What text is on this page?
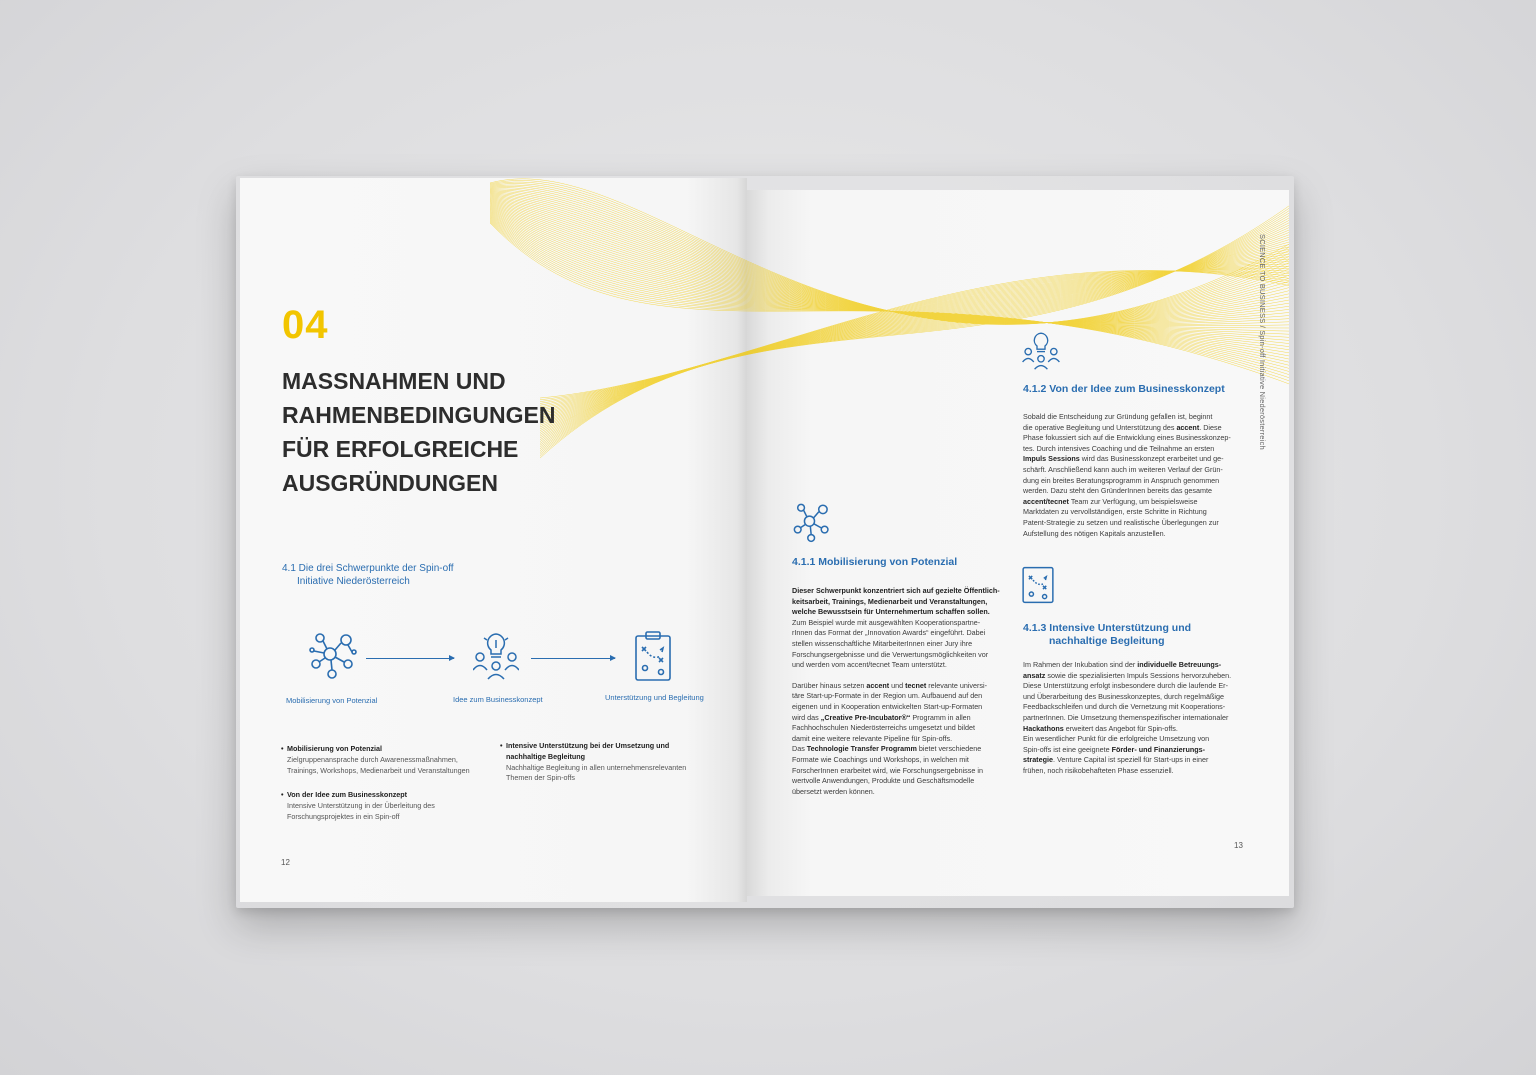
04
MASSNAHMEN UND
RAHMENBEDINGUNGEN
FÜR ERFOLGREICHE
AUSGRÜNDUNGEN
4.1 Die drei Schwerpunkte der Spin-off
Initiative Niederösterreich
Mobilisierung von Potenzial	Idee zum Businesskonzept	Unterstützung und Begleitung
• Mobilisierung von Potenzial
Zielgruppenansprache durch Awarenessmaßnahmen,
Trainings, Workshops, Medienarbeit und Veranstaltungen
• Von der Idee zum Businesskonzept
Intensive Unterstützung in der Überleitung des
Forschungsprojektes in ein Spin-off
• Intensive Unterstützung bei der Umsetzung und
nachhaltige Begleitung
Nachhaltige Begleitung in allen unternehmensrelevanten
Themen der Spin-offs
12
SCIENCE TO BUSINESS / Spin-off Initiative Niederösterreich
4.1.1 Mobilisierung von Potenzial

Dieser Schwerpunkt konzentriert sich auf gezielte Öffentlich-
keitsarbeit, Trainings, Medienarbeit und Veranstaltungen,
welche Bewusstsein für Unternehmertum schaffen sollen.
Zum Beispiel wurde mit ausgewählten Kooperationspartne-
rInnen das Format der „Innovation Awards“ eingeführt. Dabei
stellen wissenschaftliche MitarbeiterInnen einer Jury ihre
Forschungsergebnisse und die Verwertungsmöglichkeiten vor
und werden vom accent/tecnet Team unterstützt.

Darüber hinaus setzen accent und tecnet relevante universi-
täre Start-up-Formate in der Region um. Aufbauend auf den
eigenen und in Kooperation entwickelten Start-up-Formaten
wird das „Creative Pre-Incubator®“ Programm in allen
Fachhochschulen Niederösterreichs umgesetzt und bildet
damit eine weitere relevante Pipeline für Spin-offs.
Das Technologie Transfer Programm bietet verschiedene
Formate wie Coachings und Workshops, in welchen mit
ForscherInnen erarbeitet wird, wie Forschungsergebnisse in
wertvolle Anwendungen, Produkte und Geschäftsmodelle
übersetzt werden können.

4.1.2 Von der Idee zum Businesskonzept
Sobald die Entscheidung zur Gründung gefallen ist, beginnt
die operative Begleitung und Unterstützung des accent. Diese
Phase fokussiert sich auf die Entwicklung eines Businesskonzep-
tes. Durch intensives Coaching und die Teilnahme an ersten
Impuls Sessions wird das Businesskonzept erarbeitet und ge-
schärft. Anschließend kann auch im weiteren Verlauf der Grün-
dung ein breites Beratungsprogramm in Anspruch genommen
werden. Dazu steht den GründerInnen bereits das gesamte
accent/tecnet Team zur Verfügung, um beispielsweise
Marktdaten zu vervollständigen, erste Schritte in Richtung
Patent-Strategie zu setzen und realistische Überlegungen zur
Aufstellung des nötigen Kapitals anzustellen.
4.1.3 Intensive Unterstützung und
nachhaltige Begleitung
Im Rahmen der Inkubation sind der individuelle Betreuungs-
ansatz sowie die spezialisierten Impuls Sessions hervorzuheben.
Diese Unterstützung erfolgt insbesondere durch die laufende Er-
und Überarbeitung des Businesskonzeptes, durch regelmäßige
Feedbackschleifen und durch die Vernetzung mit Kooperations-
partnerInnen. Die Umsetzung themenspezifischer internationaler
Hackathons erweitert das Angebot für Spin-offs.
Ein wesentlicher Punkt für die erfolgreiche Umsetzung von
Spin-offs ist eine geeignete Förder- und Finanzierungs-
strategie. Venture Capital ist speziell für Start-ups in einer
frühen, noch risikobehafteten Phase essenziell.
13
